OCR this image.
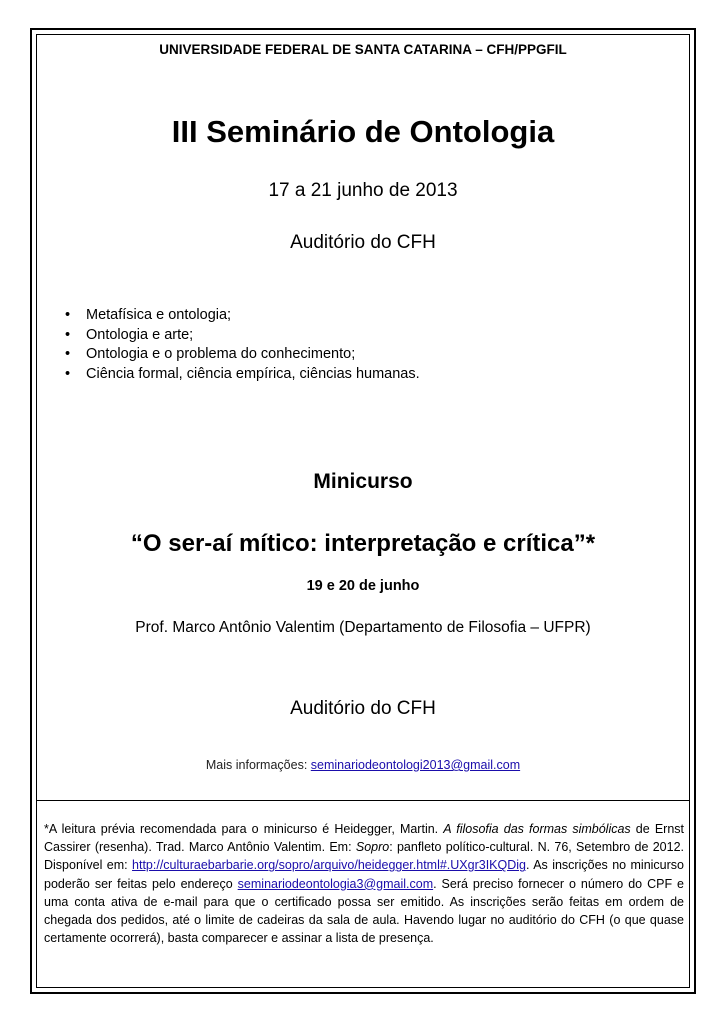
UNIVERSIDADE FEDERAL DE SANTA CATARINA – CFH/PPGFIL
III Seminário de Ontologia
17 a 21 junho de 2013
Auditório do CFH
• Metafísica e ontologia;
• Ontologia e arte;
• Ontologia e o problema do conhecimento;
• Ciência formal, ciência empírica, ciências humanas.
Minicurso
“O ser-aí mítico: interpretação e crítica”*
19 e 20 de junho
Prof. Marco Antônio Valentim (Departamento de Filosofia – UFPR)
Auditório do CFH
Mais informações: seminariodeontologi2013@gmail.com
*A leitura prévia recomendada para o minicurso é Heidegger, Martin. A filosofia das formas simbólicas de Ernst Cassirer (resenha). Trad. Marco Antônio Valentim. Em: Sopro: panfleto político-cultural. N. 76, Setembro de 2012. Disponível em: http://culturaebarbarie.org/sopro/arquivo/heidegger.html#.UXgr3IKQDig. As inscrições no minicurso poderão ser feitas pelo endereço seminariodeontologia3@gmail.com. Será preciso fornecer o número do CPF e uma conta ativa de e-mail para que o certificado possa ser emitido. As inscrições serão feitas em ordem de chegada dos pedidos, até o limite de cadeiras da sala de aula. Havendo lugar no auditório do CFH (o que quase certamente ocorrerá), basta comparecer e assinar a lista de presença.
